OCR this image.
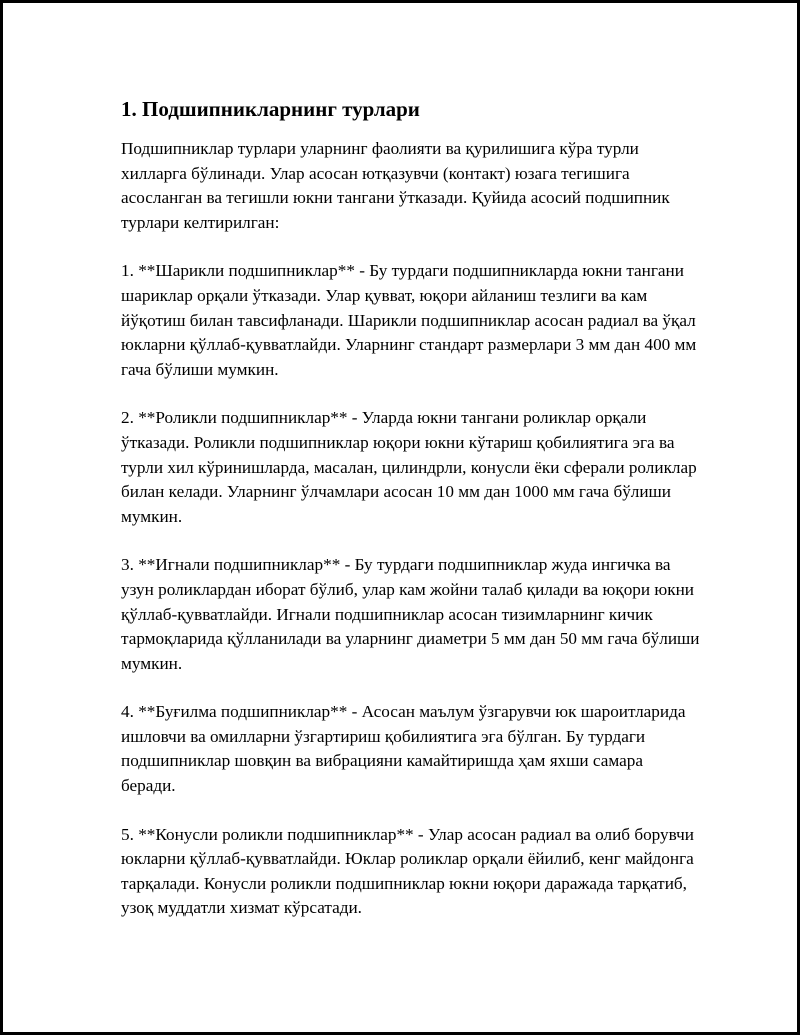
1. Подшипникларнинг турлари

Подшипниклар турлари уларнинг фаолияти ва қурилишига кўра турли хилларга бўлинади. Улар асосан ютқазувчи (контакт) юзага тегишига асосланган ва тегишли юкни тангани ўтказади. Қуйида асосий подшипник турлари келтирилган:

1. **Шарикли подшипниклар** - Бу турдаги подшипникларда юкни тангани шариклар орқали ўтказади. Улар қувват, юқори айланиш тезлиги ва кам йўқотиш билан тавсифланади. Шарикли подшипниклар асосан радиал ва ўқал юкларни қўллаб-қувватлайди. Уларнинг стандарт размерлари 3 мм дан 400 мм гача бўлиши мумкин.

2. **Роликли подшипниклар** - Уларда юкни тангани роликлар орқали ўтказади. Роликли подшипниклар юқори юкни кўтариш қобилиятига эга ва турли хил кўринишларда, масалан, цилиндрли, конусли ёки сферали роликлар билан келади. Уларнинг ўлчамлари асосан 10 мм дан 1000 мм гача бўлиши мумкин.

3. **Игнали подшипниклар** - Бу турдаги подшипниклар жуда ингичка ва узун роликлардан иборат бўлиб, улар кам жойни талаб қилади ва юқори юкни қўллаб-қувватлайди. Игнали подшипниклар асосан тизимларнинг кичик тармоқларида қўлланилади ва уларнинг диаметри 5 мм дан 50 мм гача бўлиши мумкин.

4. **Буғилма подшипниклар** - Асосан маълум ўзгарувчи юк шароитларида ишловчи ва омилларни ўзгартириш қобилиятига эга бўлган. Бу турдаги подшипниклар шовқин ва вибрацияни камайтиришда ҳам яхши самара беради.

5. **Конусли роликли подшипниклар** - Улар асосан радиал ва олиб борувчи юкларни қўллаб-қувватлайди. Юклар роликлар орқали ёйилиб, кенг майдонга тарқалади. Конусли роликли подшипниклар юкни юқори даражада тарқатиб, узоқ муддатли хизмат кўрсатади.
